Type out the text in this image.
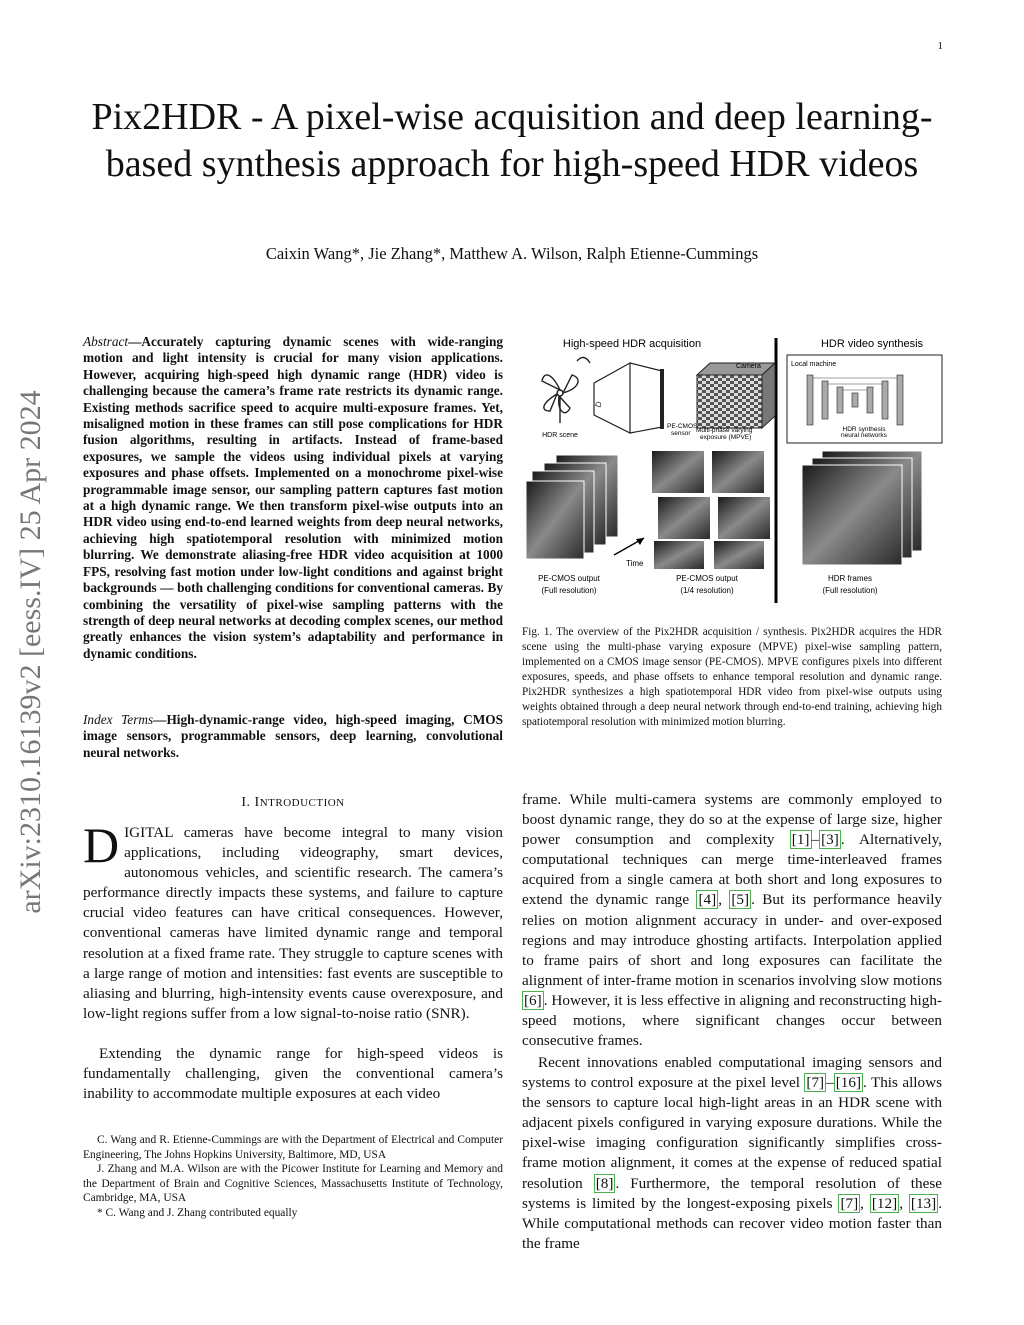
1
arXiv:2310.16139v2 [eess.IV] 25 Apr 2024
Pix2HDR - A pixel-wise acquisition and deep learning-based synthesis approach for high-speed HDR videos
Caixin Wang*, Jie Zhang*, Matthew A. Wilson, Ralph Etienne-Cummings

Abstract—Accurately capturing dynamic scenes with wide-ranging motion and light intensity is crucial for many vision applications. However, acquiring high-speed high dynamic range (HDR) video is challenging because the camera’s frame rate restricts its dynamic range. Existing methods sacrifice speed to acquire multi-exposure frames. Yet, misaligned motion in these frames can still pose complications for HDR fusion algorithms, resulting in artifacts. Instead of frame-based exposures, we sample the videos using individual pixels at varying exposures and phase offsets. Implemented on a monochrome pixel-wise programmable image sensor, our sampling pattern captures fast motion at a high dynamic range. We then transform pixel-wise outputs into an HDR video using end-to-end learned weights from deep neural networks, achieving high spatiotemporal resolution with minimized motion blurring. We demonstrate aliasing-free HDR video acquisition at 1000 FPS, resolving fast motion under low-light conditions and against bright backgrounds — both challenging conditions for conventional cameras. By combining the versatility of pixel-wise sampling patterns with the strength of deep neural networks at decoding complex scenes, our method greatly enhances the vision system’s adaptability and performance in dynamic conditions.

Index Terms—High-dynamic-range video, high-speed imaging, CMOS image sensors, programmable sensors, deep learning, convolutional neural networks.

I. INTRODUCTION

DIGITAL cameras have become integral to many vision applications, including videography, smart devices, autonomous vehicles, and scientific research. The camera’s performance directly impacts these systems, and failure to capture crucial video features can have critical consequences. However, conventional cameras have limited dynamic range and temporal resolution at a fixed frame rate. They struggle to capture scenes with a large range of motion and intensities: fast events are susceptible to aliasing and blurring, high-intensity events cause overexposure, and low-light regions suffer from a low signal-to-noise ratio (SNR).

Extending the dynamic range for high-speed videos is fundamentally challenging, given the conventional camera’s inability to accommodate multiple exposures at each video

C. Wang and R. Etienne-Cummings are with the Department of Electrical and Computer Engineering, The Johns Hopkins University, Baltimore, MD, USA

J. Zhang and M.A. Wilson are with the Picower Institute for Learning and Memory and the Department of Brain and Cognitive Sciences, Massachusetts Institute of Technology, Cambridge, MA, USA

* C. Wang and J. Zhang contributed equally

High-speed HDR acquisition	HDR video synthesis
HDR scene
D
PE-CMOS
sensor
Camera
Multi-phase varying
exposure (MPVE)
Local machine
HDR synthesis
neural networks
Time
PE-CMOS output
(Full resolution)
PE-CMOS output
(1/4 resolution)
HDR frames
(Full resolution)

Fig. 1. The overview of the Pix2HDR acquisition / synthesis. Pix2HDR acquires the HDR scene using the multi-phase varying exposure (MPVE) pixel-wise sampling pattern, implemented on a CMOS image sensor (PE-CMOS). MPVE configures pixels into different exposures, speeds, and phase offsets to enhance temporal resolution and dynamic range. Pix2HDR synthesizes a high spatiotemporal HDR video from pixel-wise outputs using weights obtained through a deep neural network through end-to-end training, achieving high spatiotemporal resolution with minimized motion blurring.

frame. While multi-camera systems are commonly employed to boost dynamic range, they do so at the expense of large size, higher power consumption and complexity [1] – [3] . Alternatively, computational techniques can merge time-interleaved frames acquired from a single camera at both short and long exposures to extend the dynamic range [4] , [5] . But its performance heavily relies on motion alignment accuracy in under- and over-exposed regions and may introduce ghosting artifacts. Interpolation applied to frame pairs of short and long exposures can facilitate the alignment of inter-frame motion in scenarios involving slow motions [6] . However, it is less effective in aligning and reconstructing high-speed motions, where significant changes occur between consecutive frames.

Recent innovations enabled computational imaging sensors and systems to control exposure at the pixel level [7] – [16] . This allows the sensors to capture local high-light areas in an HDR scene with adjacent pixels configured in varying exposure durations. While the pixel-wise imaging configuration significantly simplifies cross-frame motion alignment, it comes at the expense of reduced spatial resolution [8] . Furthermore, the temporal resolution of these systems is limited by the longest-exposing pixels [7] , [12] , [13] . While computational methods can recover video motion faster than the frame
